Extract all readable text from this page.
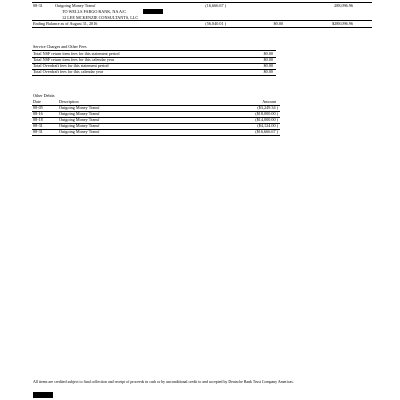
08-31	Outgoing Money Transf	(16,666.67 )	288,096.96
TO WELLS FARGO BANK, NA A/C
12 LEE MCKENZIE CONSULTANTS, LLC
Ending Balance as of August 31, 2016	(56,040.01 )	$0.00	$288,096.96
Service Charges and Other Fees
Total NSF return item fees for this statement period	$0.00
Total NSF return item fees for this calendar year	$0.00
Total Overdraft fees for this statement period	$0.00
Total Overdraft fees for this calendar year	$0.00
Other Debits
Date	Description	Amount
08-05	Outgoing Money Transf	($3,249.34 )
08-16	Outgoing Money Transf	($18,000.00 )
08-18	Outgoing Money Transf	($14,000.00 )
08-31	Outgoing Money Transf	($4,124.00 )
08-31	Outgoing Money Transf	($16,666.67 )
All items are credited subject to final collection and receipt of proceeds in cash or by unconditional credit to and accepted by Deutsche Bank Trust Company Americas.
